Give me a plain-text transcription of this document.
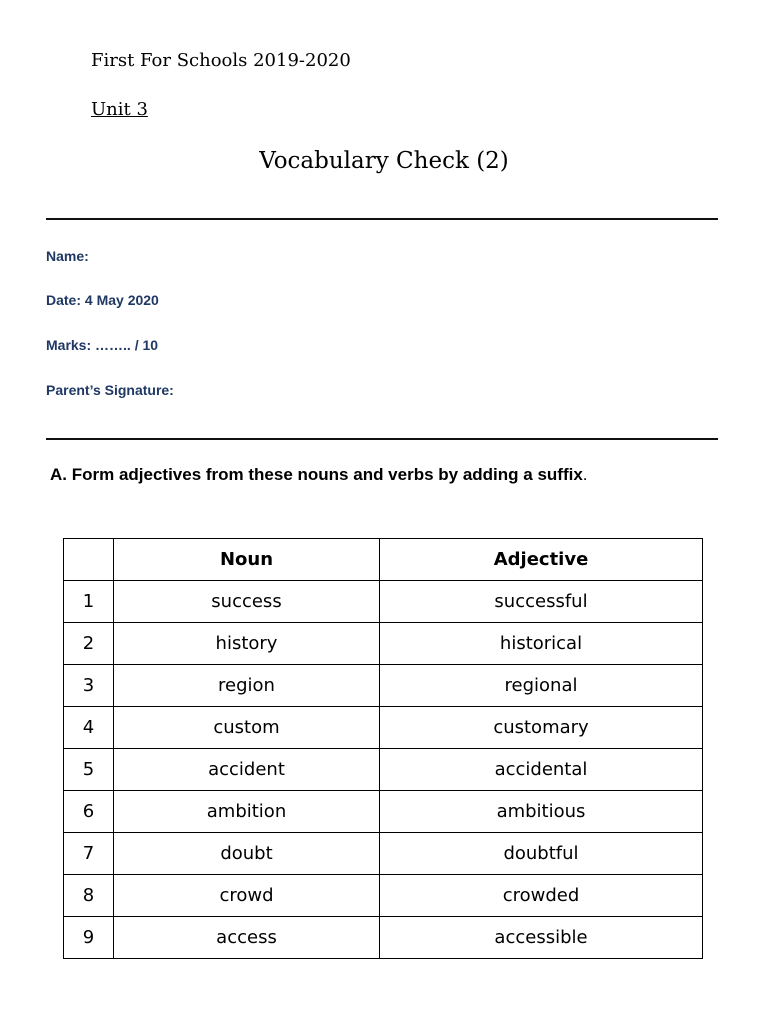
First For Schools 2019-2020
Unit 3
Vocabulary Check (2)
Name:
Date: 4 May 2020
Marks: …….. / 10
Parent’s Signature:
A. Form adjectives from these nouns and verbs by adding a suffix.
	Noun	Adjective
1	success	successful
2	history	historical
3	region	regional
4	custom	customary
5	accident	accidental
6	ambition	ambitious
7	doubt	doubtful
8	crowd	crowded
9	access	accessible
